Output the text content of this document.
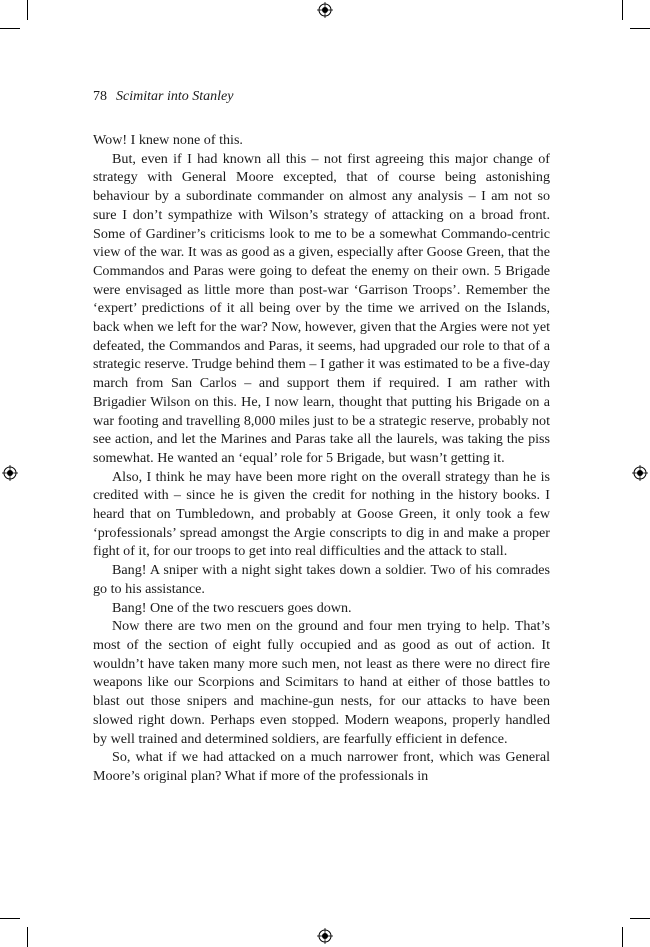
78 Scimitar into Stanley

Wow! I knew none of this.

But, even if I had known all this – not first agreeing this major change of strategy with General Moore excepted, that of course being astonishing behaviour by a subordinate commander on almost any analysis – I am not so sure I don’t sympathize with Wilson’s strategy of attacking on a broad front. Some of Gardiner’s criticisms look to me to be a somewhat Commando-centric view of the war. It was as good as a given, especially after Goose Green, that the Commandos and Paras were going to defeat the enemy on their own. 5 Brigade were envisaged as little more than post-war ‘Garrison Troops’. Remember the ‘expert’ predictions of it all being over by the time we arrived on the Islands, back when we left for the war? Now, however, given that the Argies were not yet defeated, the Commandos and Paras, it seems, had upgraded our role to that of a strategic reserve. Trudge behind them – I gather it was estimated to be a five-day march from San Carlos – and support them if required. I am rather with Brigadier Wilson on this. He, I now learn, thought that putting his Brigade on a war footing and travelling 8,000 miles just to be a strategic reserve, probably not see action, and let the Marines and Paras take all the laurels, was taking the piss somewhat. He wanted an ‘equal’ role for 5 Brigade, but wasn’t getting it.

Also, I think he may have been more right on the overall strategy than he is credited with – since he is given the credit for nothing in the history books. I heard that on Tumbledown, and probably at Goose Green, it only took a few ‘professionals’ spread amongst the Argie conscripts to dig in and make a proper fight of it, for our troops to get into real difficulties and the attack to stall.

Bang! A sniper with a night sight takes down a soldier. Two of his comrades go to his assistance.

Bang! One of the two rescuers goes down.

Now there are two men on the ground and four men trying to help. That’s most of the section of eight fully occupied and as good as out of action. It wouldn’t have taken many more such men, not least as there were no direct fire weapons like our Scorpions and Scimitars to hand at either of those battles to blast out those snipers and machine-gun nests, for our attacks to have been slowed right down. Perhaps even stopped. Modern weapons, properly handled by well trained and determined soldiers, are fearfully efficient in defence.

So, what if we had attacked on a much narrower front, which was General Moore’s original plan? What if more of the professionals in
